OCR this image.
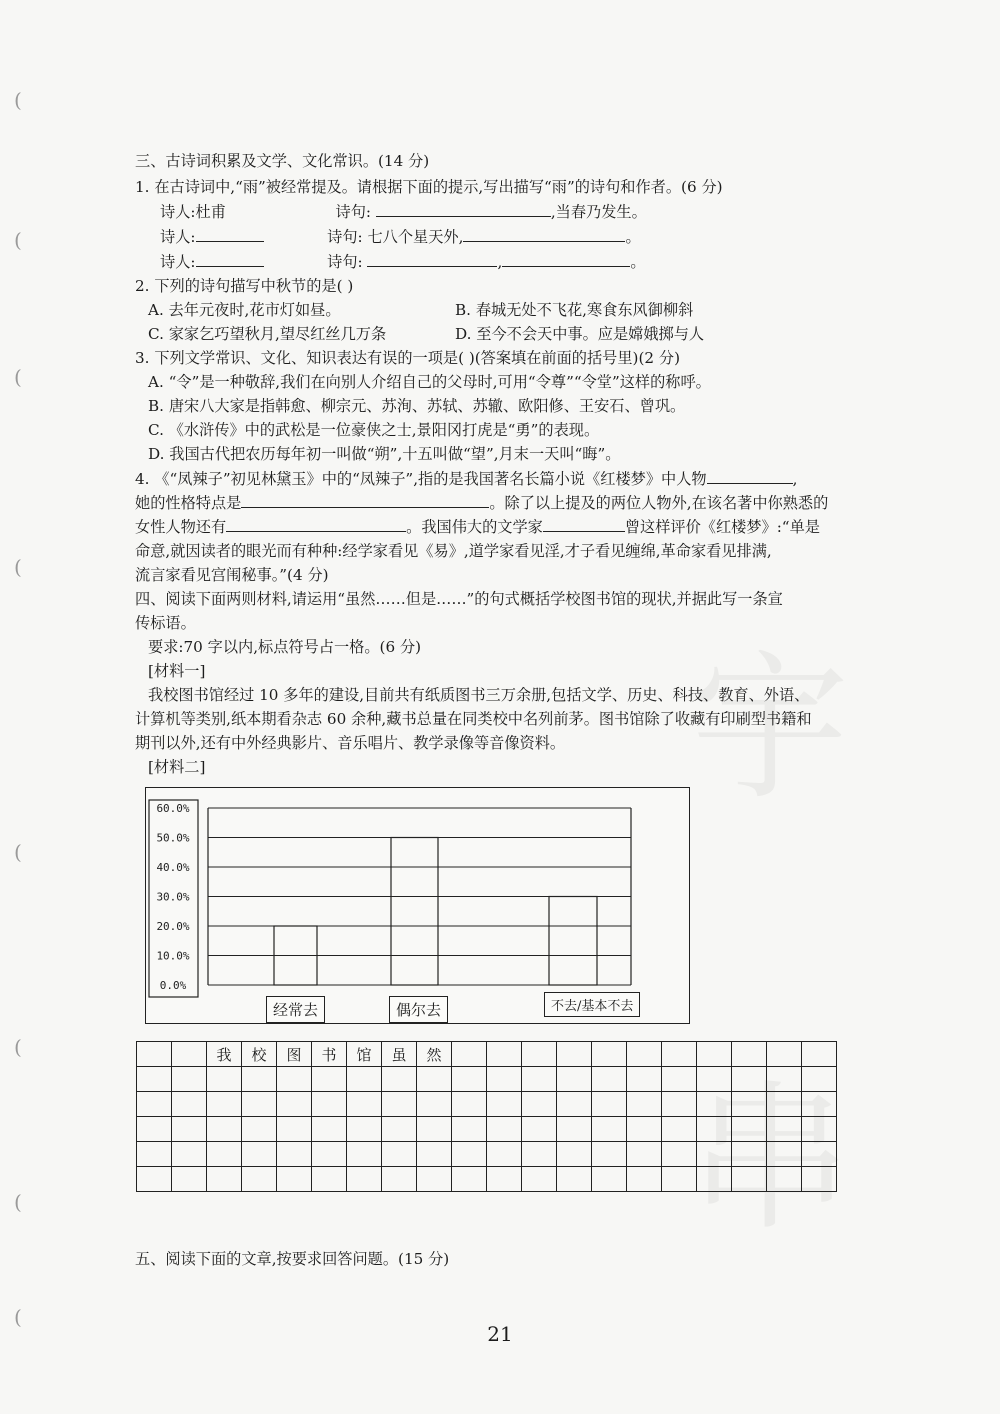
(
(
(
(
(
(
(
(
宇
串
三、古诗词积累及文学、文化常识。(14 分)
1. 在古诗词中,“雨”被经常提及。请根据下面的提示,写出描写“雨”的诗句和作者。(6 分)
诗人:杜甫	诗句:	,当春乃发生。
诗人:	诗句: 七八个星天外,	。
诗人:	诗句:	,	。
2. 下列的诗句描写中秋节的是( )
A. 去年元夜时,花市灯如昼。	B. 春城无处不飞花,寒食东风御柳斜
C. 家家乞巧望秋月,望尽红丝几万条	D. 至今不会天中事。应是嫦娥掷与人
3. 下列文学常识、文化、知识表达有误的一项是( )(答案填在前面的括号里)(2 分)
A. “令”是一种敬辞,我们在向别人介绍自己的父母时,可用“令尊”“令堂”这样的称呼。
B. 唐宋八大家是指韩愈、柳宗元、苏洵、苏轼、苏辙、欧阳修、王安石、曾巩。
C. 《水浒传》中的武松是一位豪侠之士,景阳冈打虎是“勇”的表现。
D. 我国古代把农历每年初一叫做“朔”,十五叫做“望”,月末一天叫“晦”。
4. 《“凤辣子”初见林黛玉》中的“凤辣子”,指的是我国著名长篇小说《红楼梦》中人物	,
她的性格特点是	。除了以上提及的两位人物外,在该名著中你熟悉的
女性人物还有	。我国伟大的文学家	曾这样评价《红楼梦》:“单是
命意,就因读者的眼光而有种种:经学家看见《易》,道学家看见淫,才子看见缠绵,革命家看见排满,
流言家看见宫闱秘事。”(4 分)
四、阅读下面两则材料,请运用“虽然……但是……”的句式概括学校图书馆的现状,并据此写一条宣
传标语。
要求:70 字以内,标点符号占一格。(6 分)
[材料一]
我校图书馆经过 10 多年的建设,目前共有纸质图书三万余册,包括文学、历史、科技、教育、外语、
计算机等类别,纸本期看杂志 60 余种,藏书总量在同类校中名列前茅。图书馆除了收藏有印刷型书籍和
期刊以外,还有中外经典影片、音乐唱片、教学录像等音像资料。
[材料二]
60.0%
50.0%
40.0%
30.0%
20.0%
10.0%
0.0%
经常去	偶尔去	不去/基本不去
		我	校	图	书	馆	虽	然											

五、阅读下面的文章,按要求回答问题。(15 分)
21
